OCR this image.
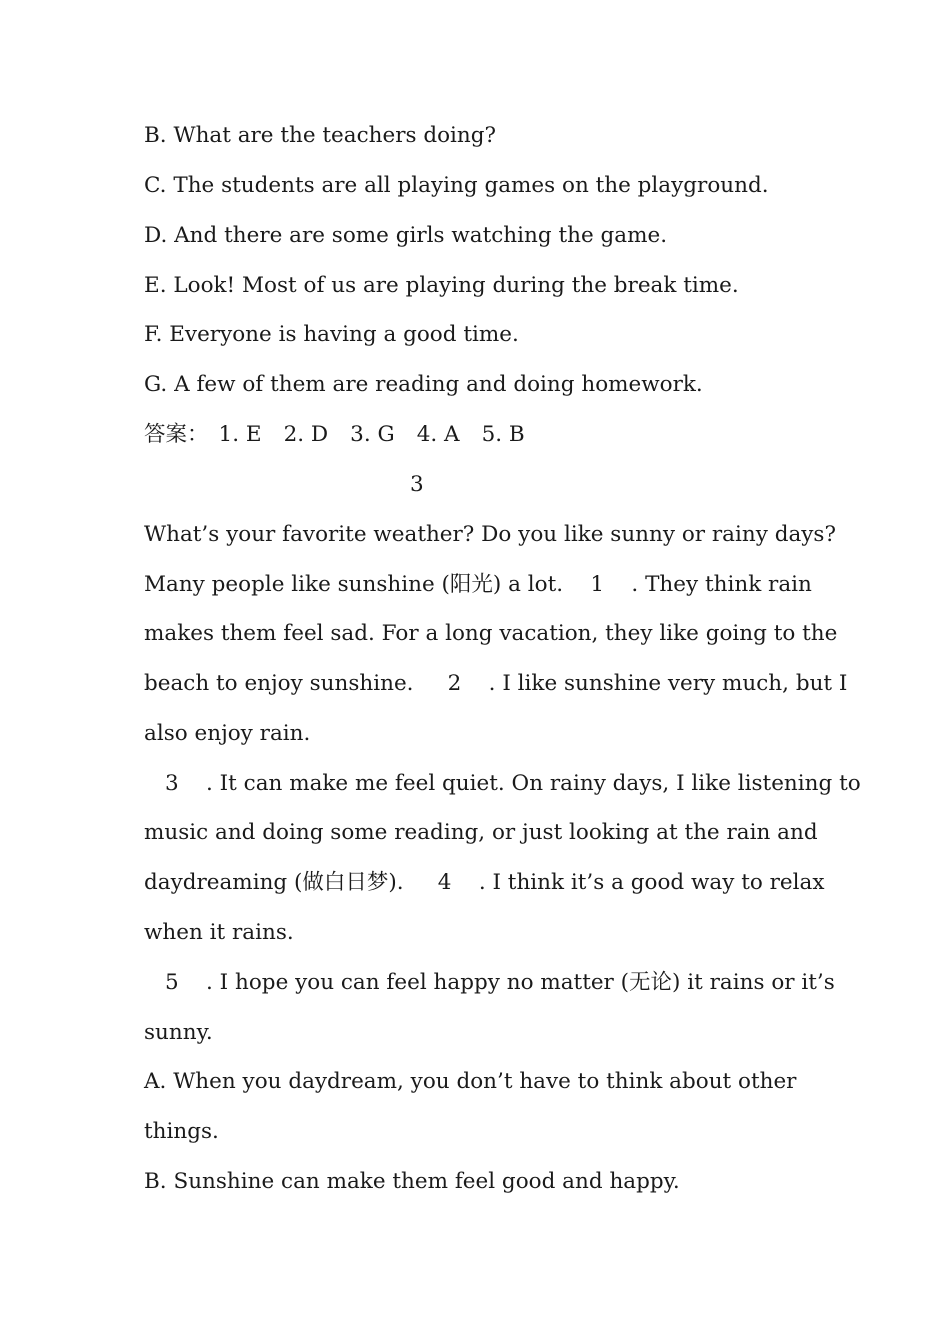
B. What are the teachers doing?
C. The students are all playing games on the playground.
D. And there are some girls watching the game.
E. Look! Most of us are playing during the break time.
F. Everyone is having a good time.
G. A few of them are reading and doing homework.
答案： 1. E 2. D 3. G 4. A 5. B
3
What’s your favorite weather? Do you like sunny or rainy days?
Many people like sunshine (阳光) a lot.    1    . They think rain
makes them feel sad. For a long vacation, they like going to the
beach to enjoy sunshine.     2    . I like sunshine very much, but I
also enjoy rain.
3    . It can make me feel quiet. On rainy days, I like listening to
music and doing some reading, or just looking at the rain and
daydreaming (做白日梦).     4    . I think it’s a good way to relax
when it rains.
5    . I hope you can feel happy no matter (无论) it rains or it’s
sunny.
A. When you daydream, you don’t have to think about other
things.
B. Sunshine can make them feel good and happy.
